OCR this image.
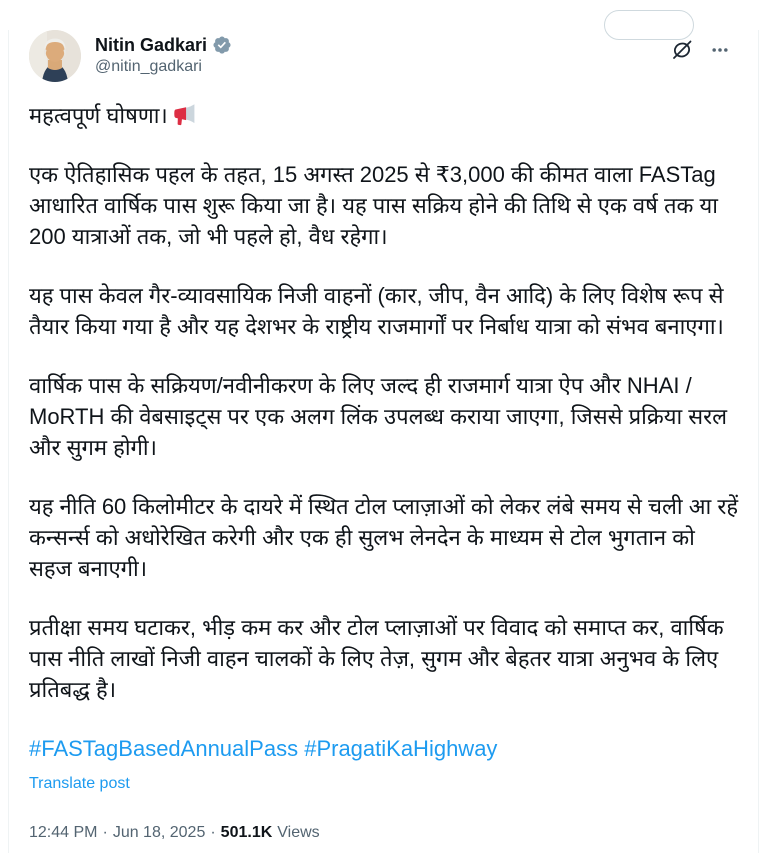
Nitin Gadkari
@nitin_gadkari

महत्वपूर्ण घोषणा।

एक ऐतिहासिक पहल के तहत, 15 अगस्त 2025 से ₹3,000 की कीमत वाला FASTag आधारित वार्षिक पास शुरू किया जा है। यह पास सक्रिय होने की तिथि से एक वर्ष तक या 200 यात्राओं तक, जो भी पहले हो, वैध रहेगा।

यह पास केवल गैर-व्यावसायिक निजी वाहनों (कार, जीप, वैन आदि) के लिए विशेष रूप से तैयार किया गया है और यह देशभर के राष्ट्रीय राजमार्गों पर निर्बाध यात्रा को संभव बनाएगा।

वार्षिक पास के सक्रियण/नवीनीकरण के लिए जल्द ही राजमार्ग यात्रा ऐप और NHAI / MoRTH की वेबसाइट्स पर एक अलग लिंक उपलब्ध कराया जाएगा, जिससे प्रक्रिया सरल और सुगम होगी।

यह नीति 60 किलोमीटर के दायरे में स्थित टोल प्लाज़ाओं को लेकर लंबे समय से चली आ रहें कन्सर्न्स को अधोरेखित करेगी और एक ही सुलभ लेनदेन के माध्यम से टोल भुगतान को सहज बनाएगी।

प्रतीक्षा समय घटाकर, भीड़ कम कर और टोल प्लाज़ाओं पर विवाद को समाप्त कर, वार्षिक पास नीति लाखों निजी वाहन चालकों के लिए तेज़, सुगम और बेहतर यात्रा अनुभव के लिए प्रतिबद्ध है।

#FASTagBasedAnnualPass #PragatiKaHighway
Translate post
12:44 PM · Jun 18, 2025 · 501.1K Views
